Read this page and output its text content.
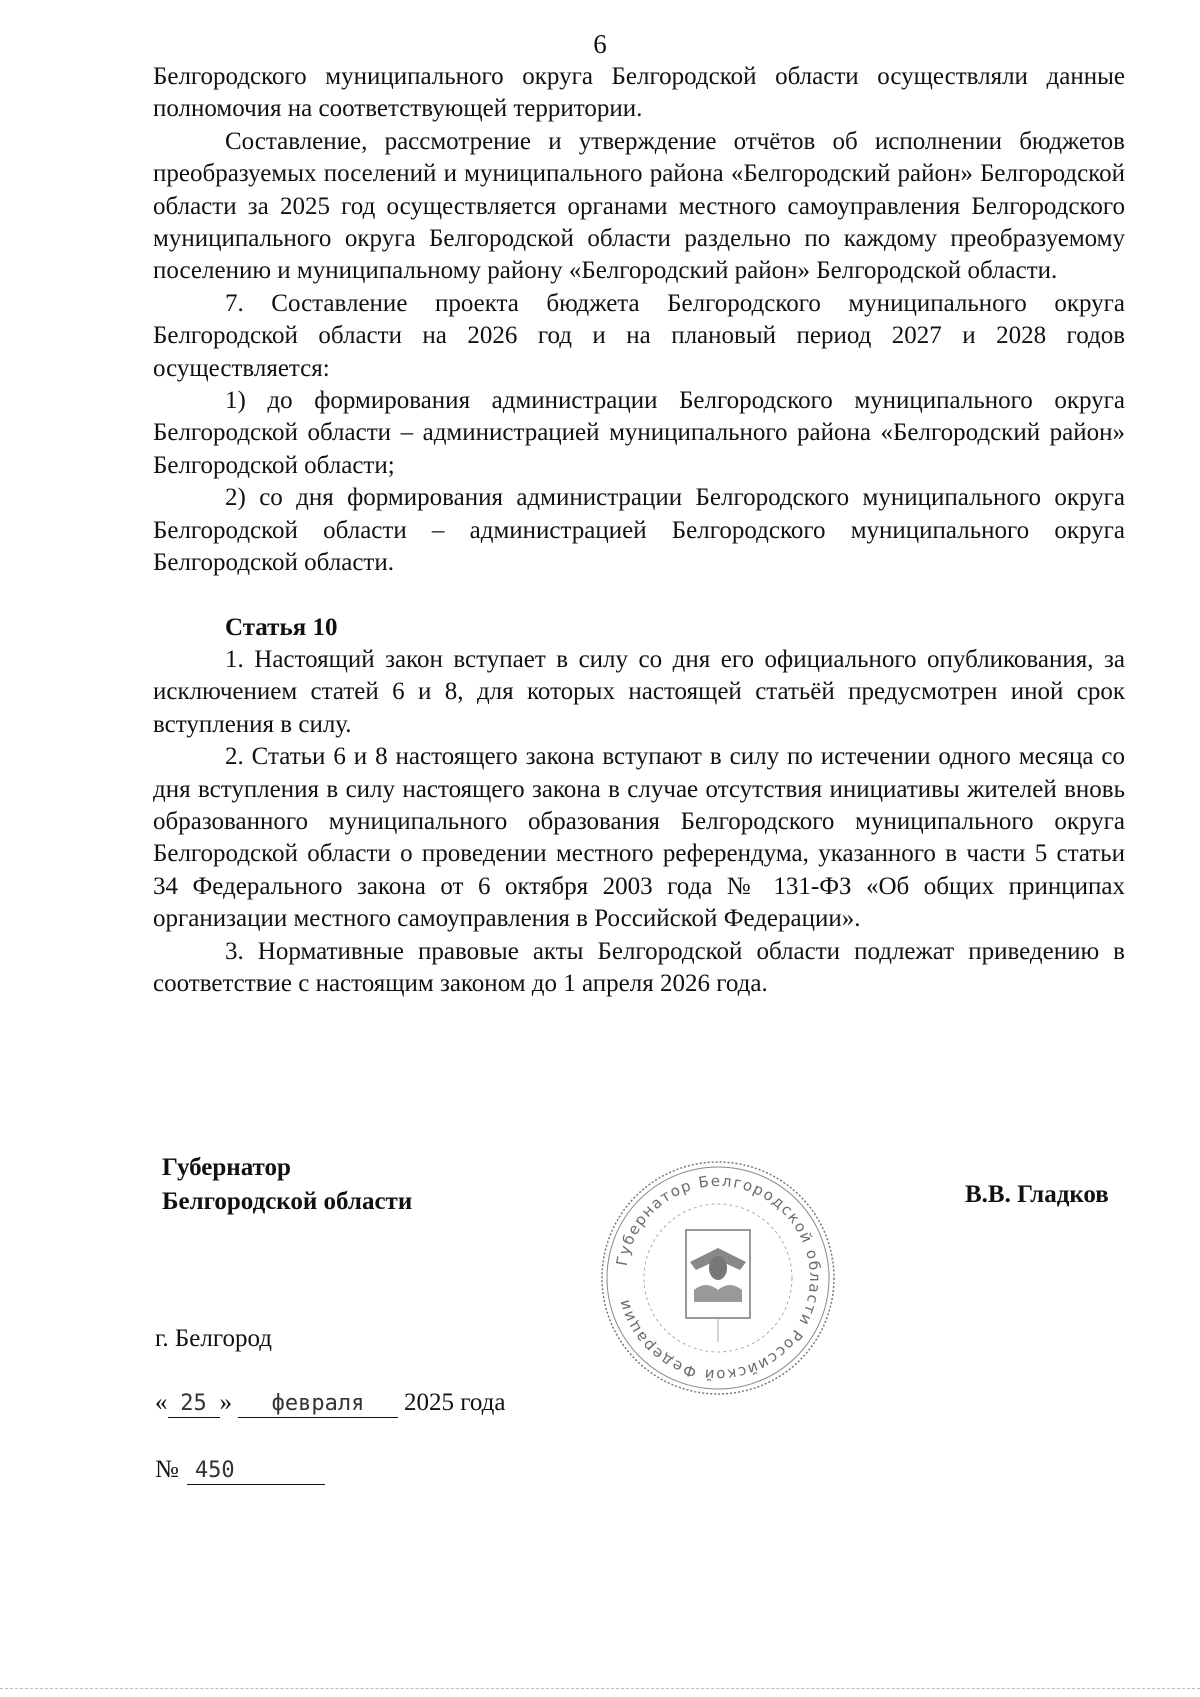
6

Белгородского муниципального округа Белгородской области осуществляли данные полномочия на соответствующей территории.

Составление, рассмотрение и утверждение отчётов об исполнении бюджетов преобразуемых поселений и муниципального района «Белгородский район» Белгородской области за 2025 год осуществляется органами местного самоуправления Белгородского муниципального округа Белгородской области раздельно по каждому преобразуемому поселению и муниципальному району «Белгородский район» Белгородской области.

7. Составление проекта бюджета Белгородского муниципального округа Белгородской области на 2026 год и на плановый период 2027 и 2028 годов осуществляется:

1) до формирования администрации Белгородского муниципального округа Белгородской области – администрацией муниципального района «Белгородский район» Белгородской области;

2) со дня формирования администрации Белгородского муниципального округа Белгородской области – администрацией Белгородского муниципального округа Белгородской области.

Статья 10

1. Настоящий закон вступает в силу со дня его официального опубликования, за исключением статей 6 и 8, для которых настоящей статьёй предусмотрен иной срок вступления в силу.

2. Статьи 6 и 8 настоящего закона вступают в силу по истечении одного месяца со дня вступления в силу настоящего закона в случае отсутствия инициативы жителей вновь образованного муниципального образования Белгородского муниципального округа Белгородской области о проведении местного референдума, указанного в части 5 статьи 34 Федерального закона от 6 октября 2003 года № 131-ФЗ «Об общих принципах организации местного самоуправления в Российской Федерации».

3. Нормативные правовые акты Белгородской области подлежат приведению в соответствие с настоящим законом до 1 апреля 2026 года.

Губернатор
Белгородской области
Губернатор Белгородской области Российской Федерации
В.В. Гладков
г. Белгород
« 25 » февраля 2025 года
№ 450
